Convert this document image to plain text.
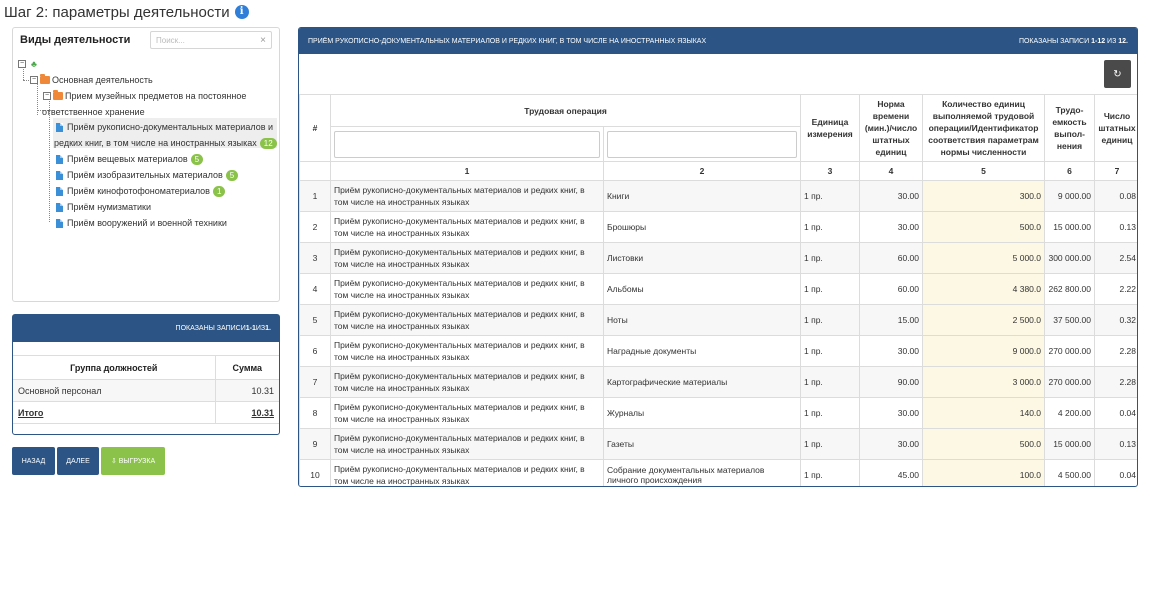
Шаг 2: параметры деятельности	i
Виды деятельности
Поиск...	×
− ♣
− Основная деятельность
− Прием музейных предметов на постоянное
ответственное хранение
Приём рукописно-документальных материалов и
редких книг, в том числе на иностранных языках 12
Приём вещевых материалов 5
Приём изобразительных материалов 5
Приём кинофотофономатериалов 1
Приём нумизматики
Приём вооружений и военной техники
ПОКАЗАНЫ ЗАПИСИ 1-1 ИЗ 1.
Группа должностей	Сумма
Основной персонал	10.31
Итого	10.31
НАЗАД	ДАЛЕЕ	⇩ ВЫГРУЗКА
ПРИЁМ РУКОПИСНО-ДОКУМЕНТАЛЬНЫХ МАТЕРИАЛОВ И РЕДКИХ КНИГ, В ТОМ ЧИСЛЕ НА ИНОСТРАННЫХ ЯЗЫКАХ	ПОКАЗАНЫ ЗАПИСИ 1-12 ИЗ 12.
↻
#	Трудовая операция		Единица измерения	Норма времени (мин.)/число штатных единиц	Количество единиц выполняемой трудовой операции/Идентификатор соответствия параметрам нормы численности	Трудо-емкость выпол-нения	Число штатных единиц

	1	2	3	4	5	6	7
1	Приём рукописно-документальных материалов и редких книг, в том числе на иностранных языках	Книги	1 пр.	30.00	300.0	9 000.00	0.08
2	Приём рукописно-документальных материалов и редких книг, в том числе на иностранных языках	Брошюры	1 пр.	30.00	500.0	15 000.00	0.13
3	Приём рукописно-документальных материалов и редких книг, в том числе на иностранных языках	Листовки	1 пр.	60.00	5 000.0	300 000.00	2.54
4	Приём рукописно-документальных материалов и редких книг, в том числе на иностранных языках	Альбомы	1 пр.	60.00	4 380.0	262 800.00	2.22
5	Приём рукописно-документальных материалов и редких книг, в том числе на иностранных языках	Ноты	1 пр.	15.00	2 500.0	37 500.00	0.32
6	Приём рукописно-документальных материалов и редких книг, в том числе на иностранных языках	Наградные документы	1 пр.	30.00	9 000.0	270 000.00	2.28
7	Приём рукописно-документальных материалов и редких книг, в том числе на иностранных языках	Картографические материалы	1 пр.	90.00	3 000.0	270 000.00	2.28
8	Приём рукописно-документальных материалов и редких книг, в том числе на иностранных языках	Журналы	1 пр.	30.00	140.0	4 200.00	0.04
9	Приём рукописно-документальных материалов и редких книг, в том числе на иностранных языках	Газеты	1 пр.	30.00	500.0	15 000.00	0.13
10	Приём рукописно-документальных материалов и редких книг, в том числе на иностранных языках	Собрание документальных материалов личного происхождения	1 пр.	45.00	100.0	4 500.00	0.04
